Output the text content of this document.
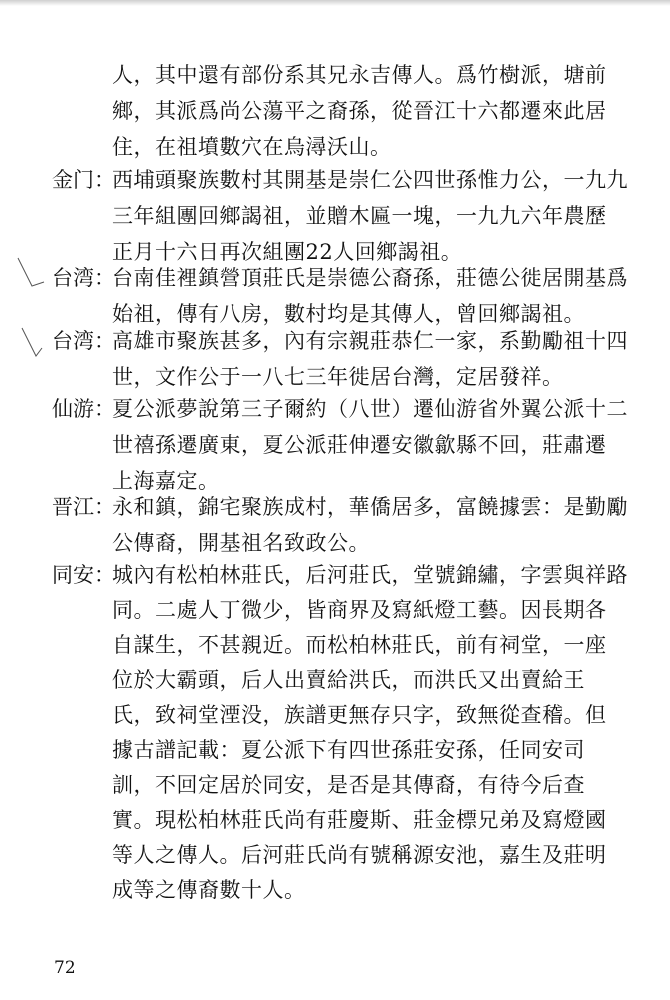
人，其中還有部份系其兄永吉傳人。爲竹樹派，塘前
鄉，其派爲尚公蕩平之裔孫，從晉江十六都遷來此居
住，在祖墳數穴在烏潯沃山。
金门：
西埔頭聚族數村其開基是崇仁公四世孫惟力公，一九九
三年組團回鄉謁祖，並贈木匾一塊，一九九六年農歷
正月十六日再次組團22人回鄉謁祖。
台湾：
台南佳裡鎮營頂莊氏是崇德公裔孫，莊德公徙居開基爲
始祖，傳有八房，數村均是其傳人，曾回鄉謁祖。
台湾：
高雄市聚族甚多，內有宗親莊恭仁一家，系勤勵祖十四
世，文作公于一八七三年徙居台灣，定居發祥。
仙游：
夏公派夢說第三子爾約（八世）遷仙游省外翼公派十二
世禧孫遷廣東，夏公派莊伸遷安徽歙縣不回，莊肅遷
上海嘉定。
晋江：
永和鎮，錦宅聚族成村，華僑居多，富饒據雲：是勤勵
公傳裔，開基祖名致政公。
同安：
城內有松柏林莊氏，后河莊氏，堂號錦繡，字雲與祥路
同。二處人丁微少，皆商界及寫紙燈工藝。因長期各
自謀生，不甚親近。而松柏林莊氏，前有祠堂，一座
位於大霸頭，后人出賣給洪氏，而洪氏又出賣給王
氏，致祠堂湮没，族譜更無存只字，致無從查稽。但
據古譜記載：夏公派下有四世孫莊安孫，任同安司
訓，不回定居於同安，是否是其傳裔，有待今后查
實。現松柏林莊氏尚有莊慶斯、莊金標兄弟及寫燈國
等人之傳人。后河莊氏尚有號稱源安池，嘉生及莊明
成等之傳裔數十人。
72
